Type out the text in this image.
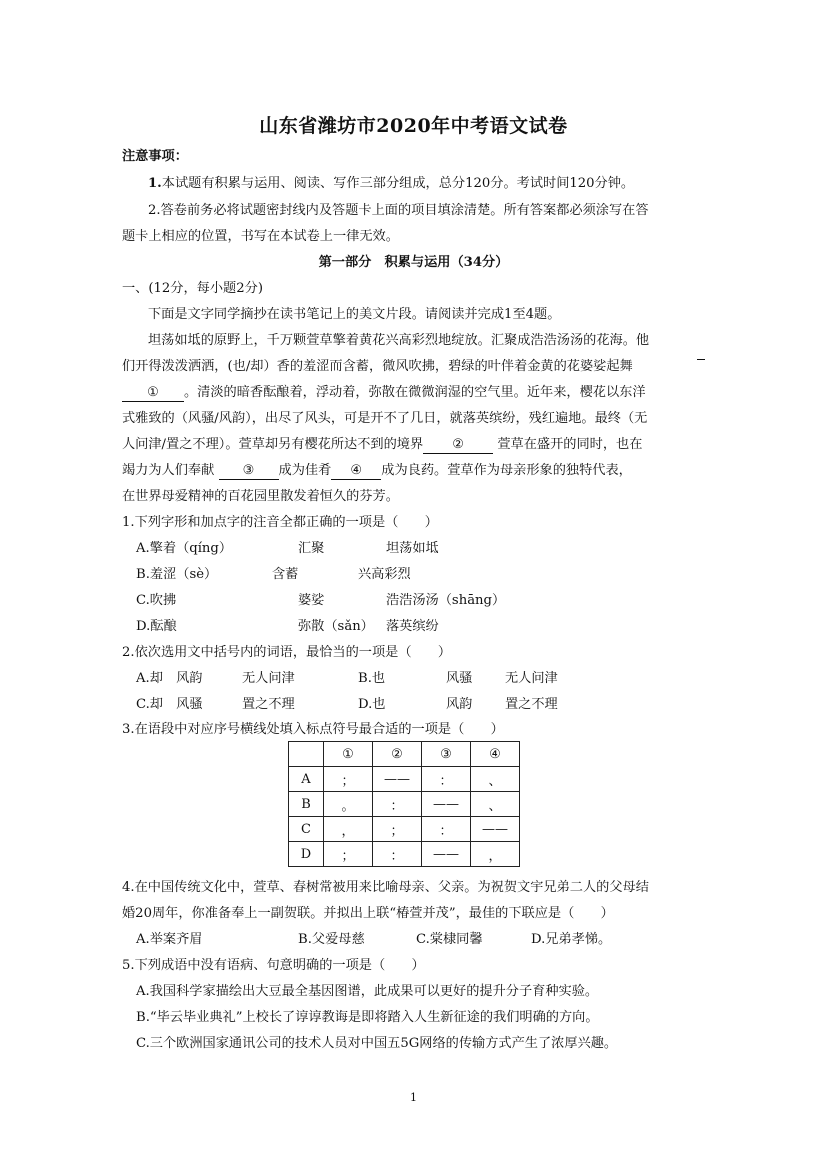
山东省潍坊市2020年中考语文试卷
注意事项：
1.本试题有积累与运用、阅读、写作三部分组成，总分120分。考试时间120分钟。
2.答卷前务必将试题密封线内及答题卡上面的项目填涂清楚。所有答案都必须涂写在答
题卡上相应的位置，书写在本试卷上一律无效。
第一部分　积累与运用（34分）
一、(12分，每小题2分)
下面是文字同学摘抄在读书笔记上的美文片段。请阅读并完成1至4题。
坦荡如坻的原野上，千万颗萱草擎着黄花兴高彩烈地绽放。汇聚成浩浩汤汤的花海。他
们开得泼泼洒洒，(也/却）香的羞涩而含蓄，微风吹拂，碧绿的叶伴着金黄的花婆娑起舞
① 。清淡的暗香酝酿着，浮动着，弥散在微微润湿的空气里。近年来，樱花以东洋
式雅致的（风骚/风韵），出尽了风头，可是开不了几日，就落英缤纷，残红遍地。最终（无
人问津/置之不理）。萱草却另有樱花所达不到的境界 ②	萱草在盛开的同时，也在
竭力为人们奉献 ③ 成为佳肴 ④ 成为良药。萱草作为母亲形象的独特代表，
在世界母爱精神的百花园里散发着恒久的芬芳。
1.下列字形和加点字的注音全都正确的一项是（　　）
A.擎着（qíng）	汇聚	坦荡如坻
B.羞涩（sè）	含蓄	兴高彩烈
C.吹拂	婆娑	浩浩汤汤（shāng）
D.酝酿	弥散（sǎn） 落英缤纷
2.依次选用文中括号内的词语，最恰当的一项是（　　）
A.却　风韵	无人问津	B.也	风骚 无人问津
C.却　风骚	置之不理	D.也	风韵 置之不理
3.在语段中对应序号横线处填入标点符号最合适的一项是（　　）
	①	②	③	④
A	；	——	：	、
B	。	：	——	、
C	，	；	：	——
D	；	：	——	，
4.在中国传统文化中，萱草、春树常被用来比喻母亲、父亲。为祝贺文宇兄弟二人的父母结
婚20周年，你准备奉上一副贺联。并拟出上联“椿萱并茂”，最佳的下联应是（　　）
A.举案齐眉	B.父爱母慈	C.棠棣同馨	D.兄弟孝悌。
5.下列成语中没有语病、句意明确的一项是（　　）
A.我国科学家描绘出大豆最全基因图谱，此成果可以更好的提升分子育种实验。
B.“毕云毕业典礼”上校长了谆谆教诲是即将踏入人生新征途的我们明确的方向。
C.三个欧洲国家通讯公司的技术人员对中国五5G网络的传输方式产生了浓厚兴趣。
1
